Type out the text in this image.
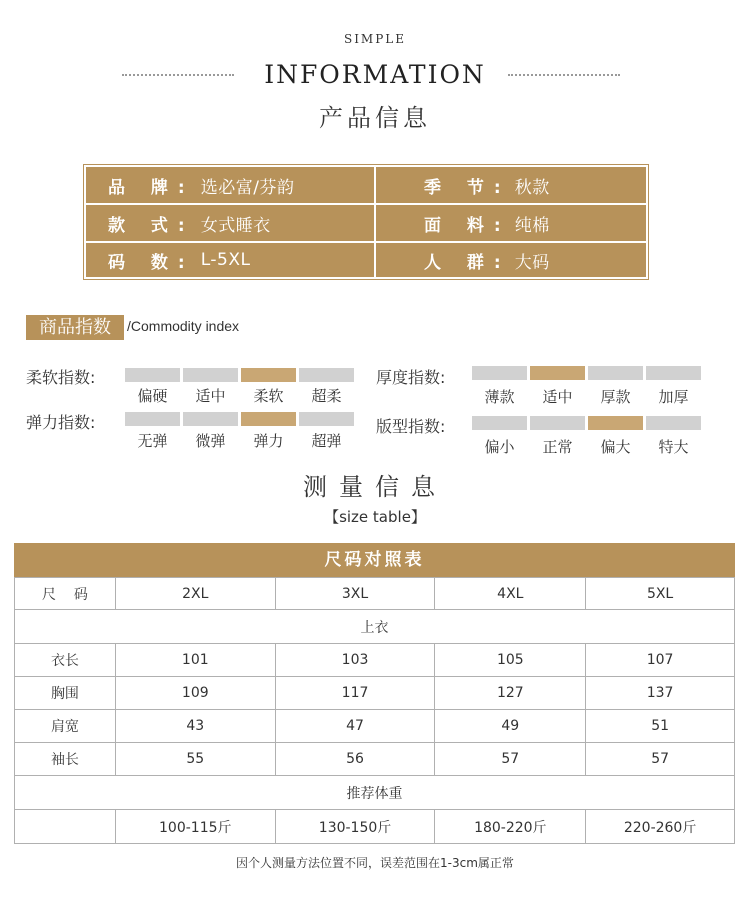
SIMPLE
INFORMATION
产品信息
品 牌: 选必富/芬韵	季 节: 秋款
款 式: 女式睡衣	面 料: 纯棉
码 数: L-5XL	人 群: 大码
商品指数	/Commodity index
柔软指数:
偏硬	适中	柔软	超柔
弹力指数:
无弹	微弹	弹力	超弹
厚度指数:
薄款	适中	厚款	加厚
版型指数:
偏小	正常	偏大	特大
测量信息
【size table】
尺码对照表
尺    码	2XL	3XL	4XL	5XL
上衣				
衣长	101	103	105	107
胸围	109	117	127	137
肩宽	43	47	49	51
袖长	55	56	57	57
推荐体重				
	100-115斤	130-150斤	180-220斤	220-260斤
因个人测量方法位置不同，误差范围在1-3cm属正常
